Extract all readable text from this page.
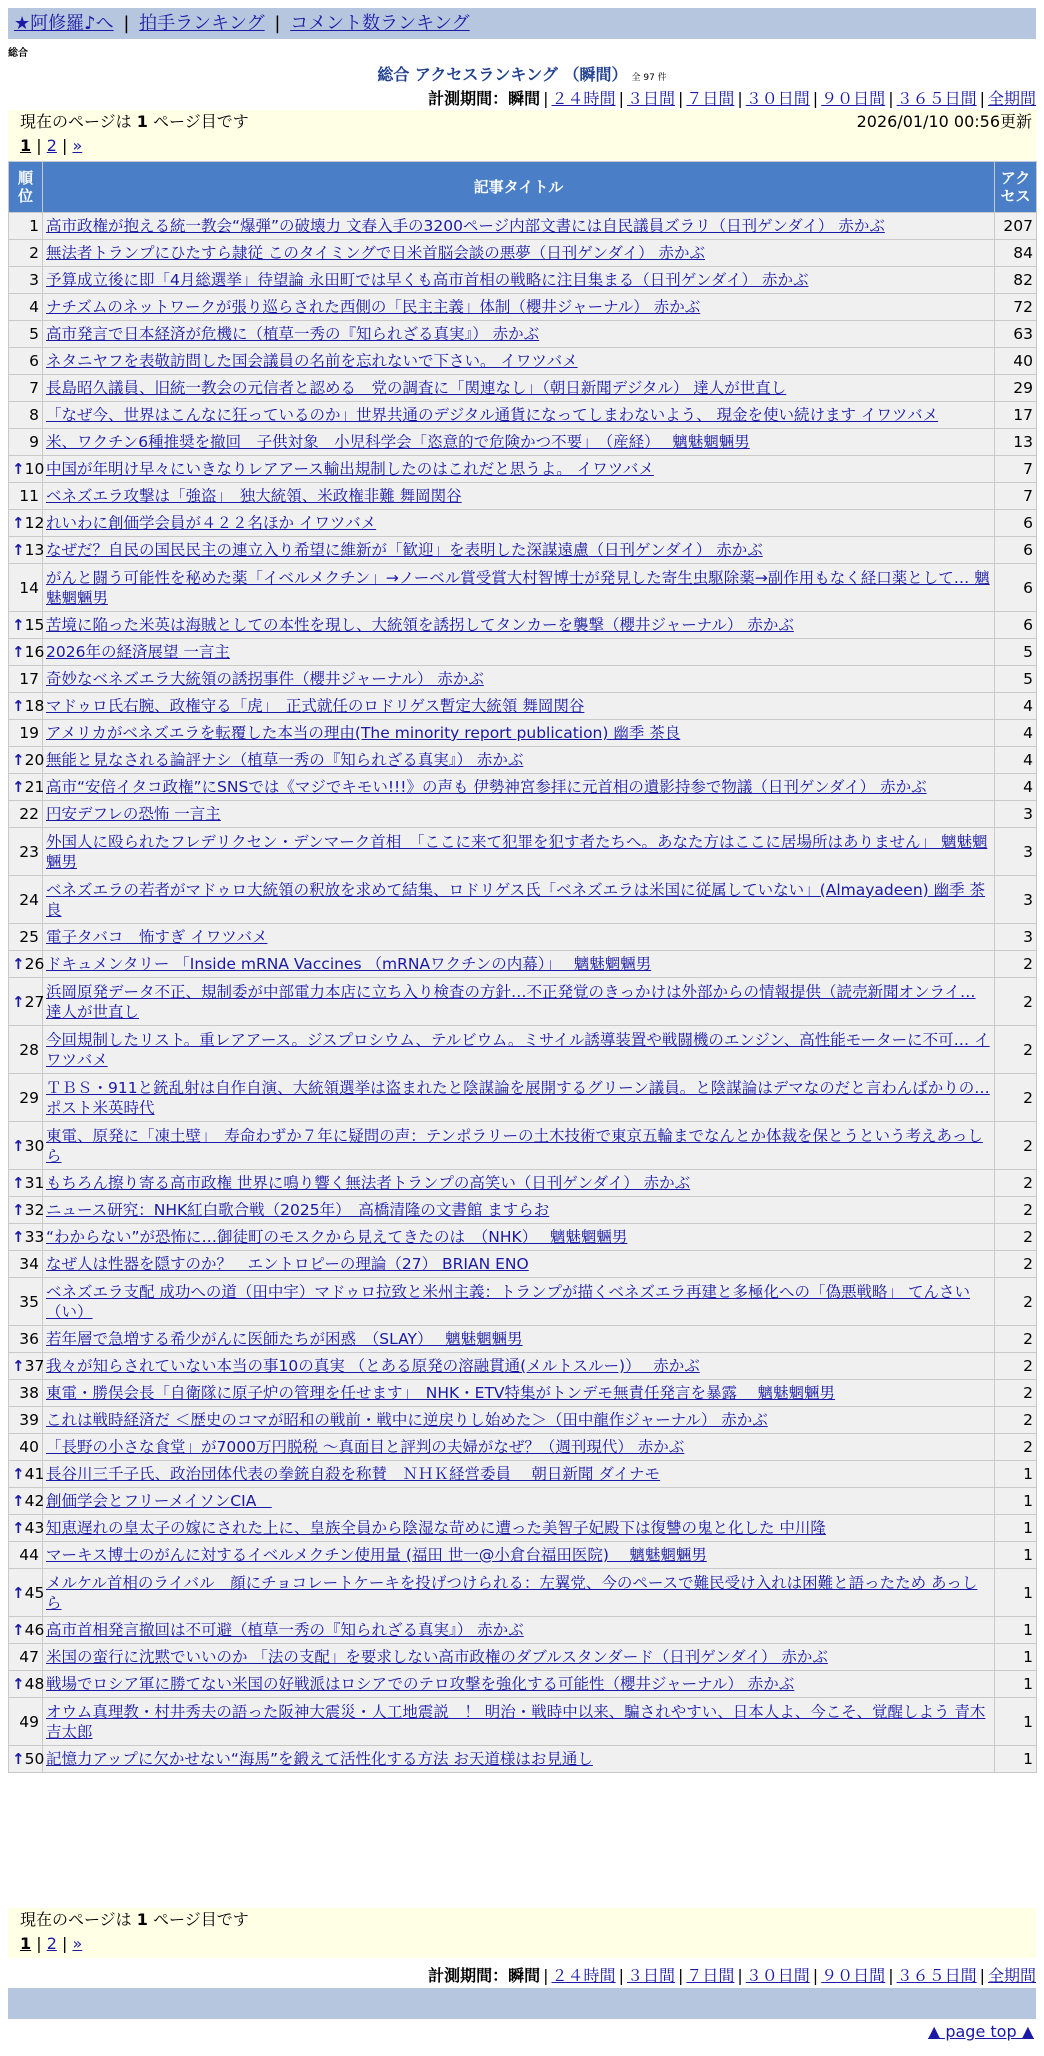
★阿修羅♪へ | 拍手ランキング | コメント数ランキング
総合
総合 アクセスランキング （瞬間） 全 97 件
計測期間：瞬間 | ２４時間 | ３日間 | ７日間 | ３０日間 | ９０日間 | ３６５日間 | 全期間
現在のページは 1 ページ目です	2026/01/10 00:56更新
1 | 2 | »
順位	記事タイトル	アクセス
1	高市政権が抱える統一教会“爆弾”の破壊力 文春入手の3200ページ内部文書には自民議員ズラリ（日刊ゲンダイ） 赤かぶ	207
2	無法者トランプにひたすら隷従 このタイミングで日米首脳会談の悪夢（日刊ゲンダイ） 赤かぶ	84
3	予算成立後に即「4月総選挙」待望論 永田町では早くも高市首相の戦略に注目集まる（日刊ゲンダイ） 赤かぶ	82
4	ナチズムのネットワークが張り巡らされた西側の「民主主義」体制（櫻井ジャーナル） 赤かぶ	72
5	高市発言で日本経済が危機に（植草一秀の『知られざる真実』） 赤かぶ	63
6	ネタニヤフを表敬訪問した国会議員の名前を忘れないで下さい。 イワツバメ	40
7	長島昭久議員、旧統一教会の元信者と認める　党の調査に「関連なし」（朝日新聞デジタル） 達人が世直し	29
8	「なぜ今、世界はこんなに狂っているのか」世界共通のデジタル通貨になってしまわないよう、 現金を使い続けます イワツバメ	17
9	米、ワクチン6種推奨を撤回　子供対象　小児科学会「恣意的で危険かつ不要」　（産経）　 魑魅魍魎男	13

↑ 10	中国が年明け早々にいきなりレアアース輸出規制したのはこれだと思うよ。 イワツバメ	7
11	ベネズエラ攻撃は「強盗」　独大統領、米政権非難 舞岡関谷	7

↑ 12	れいわに創価学会員が４２２名ほか イワツバメ	6

↑ 13	なぜだ？自民の国民民主の連立入り希望に維新が「歓迎」を表明した深謀遠慮（日刊ゲンダイ） 赤かぶ	6
14	がんと闘う可能性を秘めた薬「イベルメクチン」→ノーベル賞受賞大村智博士が発見した寄生虫駆除薬→副作用もなく経口薬として… 魑魅魍魎男	6

↑ 15	苦境に陥った米英は海賊としての本性を現し、大統領を誘拐してタンカーを襲撃（櫻井ジャーナル） 赤かぶ	6

↑ 16	2026年の経済展望 一言主	5
17	奇妙なベネズエラ大統領の誘拐事件（櫻井ジャーナル） 赤かぶ	5

↑ 18	マドゥロ氏右腕、政権守る「虎」　正式就任のロドリゲス暫定大統領 舞岡関谷	4
19	アメリカがベネズエラを転覆した本当の理由(The minority report publication) 幽季 茶良	4

↑ 20	無能と見なされる論評ナシ（植草一秀の『知られざる真実』） 赤かぶ	4

↑ 21	高市“安倍イタコ政権”にSNSでは《マジでキモい!!!》の声も 伊勢神宮参拝に元首相の遺影持参で物議（日刊ゲンダイ） 赤かぶ	4
22	円安デフレの恐怖 一言主	3
23	外国人に殴られたフレデリクセン・デンマーク首相　「ここに来て犯罪を犯す者たちへ。あなた方はここに居場所はありません」 魑魅魍魎男	3
24	ベネズエラの若者がマドゥロ大統領の釈放を求めて結集、ロドリゲス氏「ベネズエラは米国に従属していない」(Almayadeen) 幽季 茶良	3
25	電子タバコ　怖すぎ イワツバメ	3

↑ 26	ドキュメンタリー 「Inside mRNA Vaccines （mRNAワクチンの内幕）」　 魑魅魍魎男	2

↑ 27	浜岡原発データ不正、規制委が中部電力本店に立ち入り検査の方針…不正発覚のきっかけは外部からの情報提供（読売新聞オンライ… 達人が世直し	2
28	今回規制したリスト。重レアアース。ジスプロシウム、テルビウム。ミサイル誘導装置や戦闘機のエンジン、高性能モーターに不可… イワツバメ	2
29	ＴＢＳ・911と銃乱射は自作自演、大統領選挙は盗まれたと陰謀論を展開するグリーン議員。と陰謀論はデマなのだと言わんばかりの… ポスト米英時代	2

↑ 30	東電、原発に「凍土壁」　寿命わずか７年に疑問の声：テンポラリーの土木技術で東京五輪までなんとか体裁を保とうという考えあっしら	2

↑ 31	もちろん擦り寄る高市政権 世界に鳴り響く無法者トランプの高笑い（日刊ゲンダイ） 赤かぶ	2

↑ 32	ニュース研究：NHK紅白歌合戦（2025年）　高橋清隆の文書館 ますらお	2

↑ 33	“わからない”が恐怖に…御徒町のモスクから見えてきたのは　（NHK）　 魑魅魍魎男	2
34	なぜ人は性器を隠すのか？　エントロピーの理論（27） BRIAN ENO	2
35	ベネズエラ支配 成功への道（田中宇）マドゥロ拉致と米州主義：トランプが描くベネズエラ再建と多極化への「偽悪戦略」 てんさい（い）	2
36	若年層で急増する希少がんに医師たちが困惑　（SLAY）　 魑魅魍魎男	2

↑ 37	我々が知らされていない本当の事10の真実 （とある原発の溶融貫通(メルトスルー)）　 赤かぶ	2
38	東電・勝俣会長「自衛隊に原子炉の管理を任せます」　NHK・ETV特集がトンデモ無責任発言を暴露　 魑魅魍魎男	2
39	これは戦時経済だ ＜歴史のコマが昭和の戦前・戦中に逆戻りし始めた＞（田中龍作ジャーナル） 赤かぶ	2
40	「長野の小さな食堂」が7000万円脱税 ～真面目と評判の夫婦がなぜ？（週刊現代） 赤かぶ	2

↑ 41	長谷川三千子氏、政治団体代表の拳銃自殺を称賛　ＮＨＫ経営委員　 朝日新聞 ダイナモ	1

↑ 42	創価学会とフリーメイソンCIA　	1

↑ 43	知恵遅れの皇太子の嫁にされた上に、皇族全員から陰湿な苛めに遭った美智子妃殿下は復讐の鬼と化した 中川隆	1
44	マーキス博士のがんに対するイベルメクチン使用量 (福田 世一@小倉台福田医院)　 魑魅魍魎男	1

↑ 45	メルケル首相のライバル　顔にチョコレートケーキを投げつけられる：左翼党、今のペースで難民受け入れは困難と語ったため あっしら	1

↑ 46	高市首相発言撤回は不可避（植草一秀の『知られざる真実』） 赤かぶ	1
47	米国の蛮行に沈黙でいいのか 「法の支配」を要求しない高市政権のダブルスタンダード（日刊ゲンダイ） 赤かぶ	1

↑ 48	戦場でロシア軍に勝てない米国の好戦派はロシアでのテロ攻撃を強化する可能性（櫻井ジャーナル） 赤かぶ	1
49	オウム真理教・村井秀夫の語った阪神大震災・人工地震説　！ 明治・戦時中以来、騙されやすい、日本人よ、今こそ、覚醒しよう 青木吉太郎	1

↑ 50	記憶力アップに欠かせない“海馬”を鍛えて活性化する方法 お天道様はお見通し	1
現在のページは 1 ページ目です
1 | 2 | »
計測期間：瞬間 | ２４時間 | ３日間 | ７日間 | ３０日間 | ９０日間 | ３６５日間 | 全期間
▲ page top ▲
